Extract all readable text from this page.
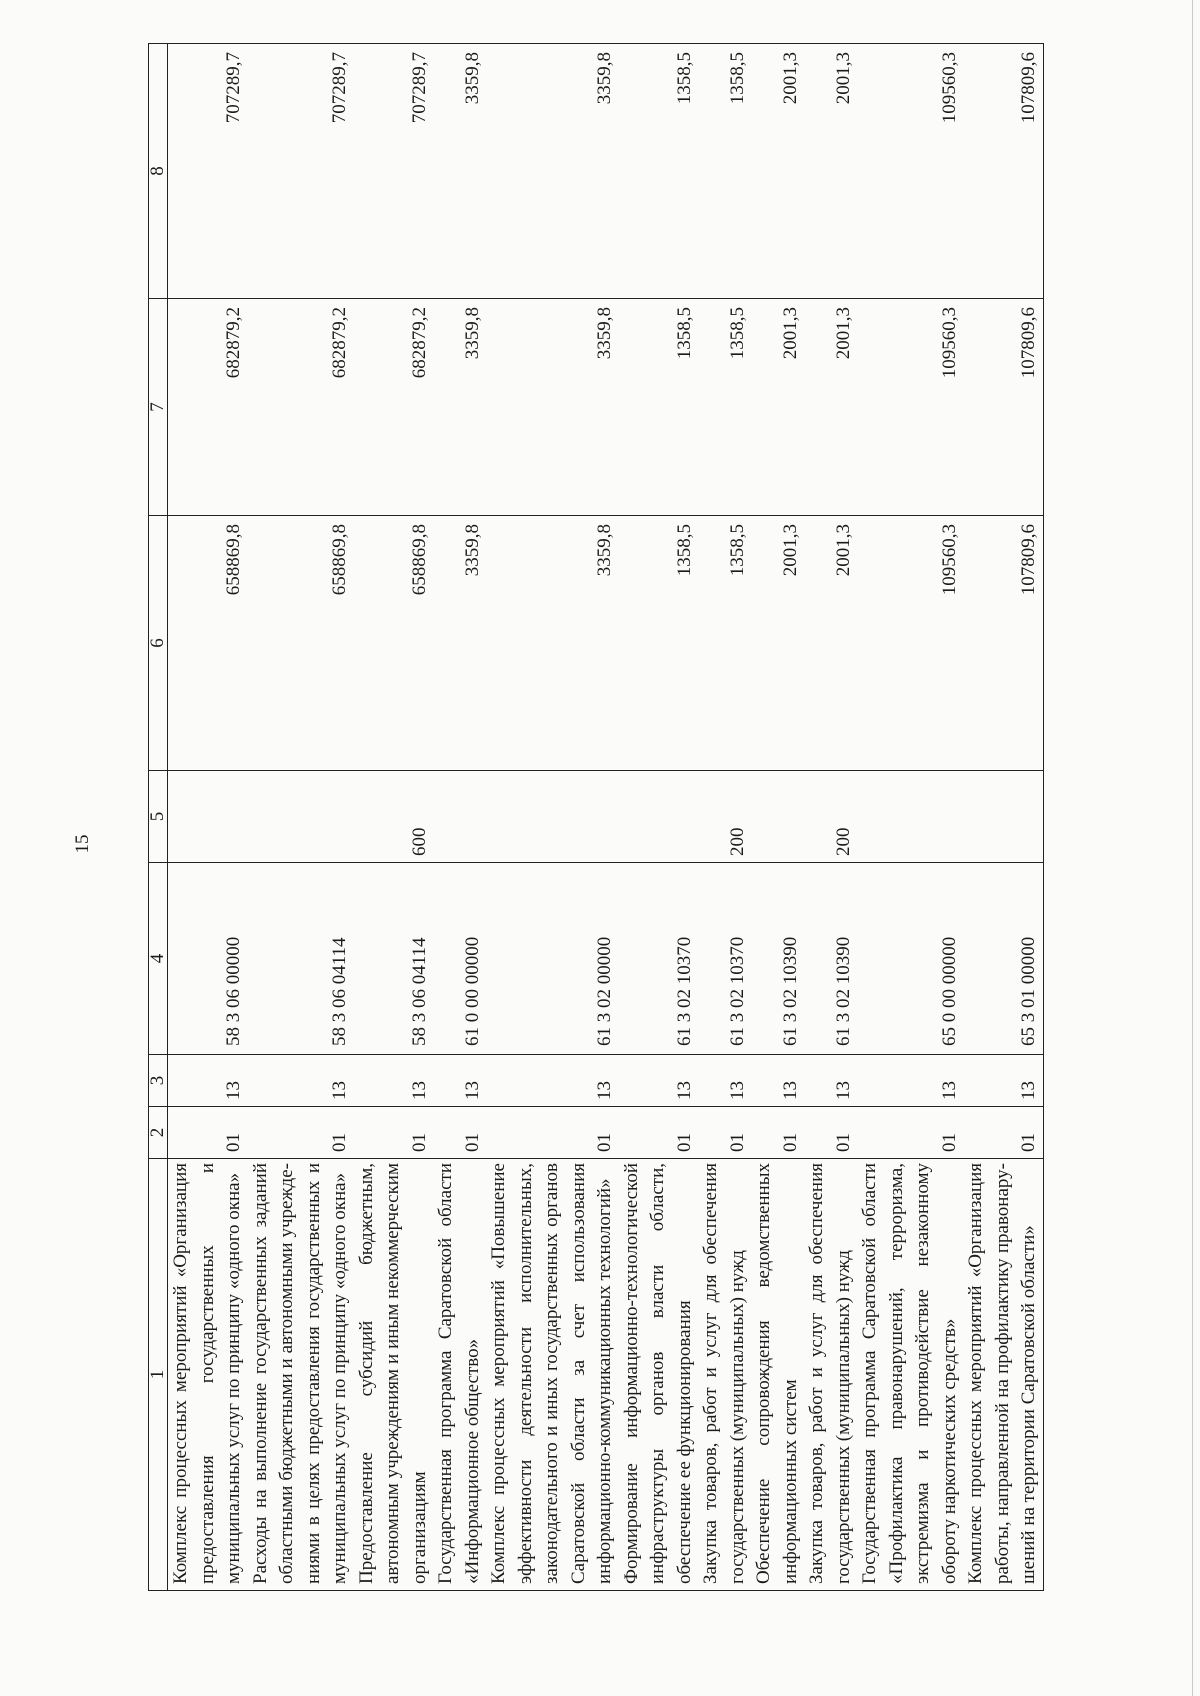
15
1	2	3	4	5	6	7	8
Комплекс процессных мероприятий «Организация предоставления государственных и муниципальных услуг по принципу «одного окна»	01	13	58 3 06 00000		658869,8	682879,2	707289,7
Расходы на выполнение государственных заданий областными бюджетными и автономными учреждениями в целях предоставления государственных и муниципальных услуг по принципу «одного окна»	01	13	58 3 06 04114		658869,8	682879,2	707289,7
Предоставление субсидий бюджетным, автономным учреждениям и иным некоммерческим организациям	01	13	58 3 06 04114	600	658869,8	682879,2	707289,7
Государственная программа Саратовской области «Информационное общество»	01	13	61 0 00 00000		3359,8	3359,8	3359,8
Комплекс процессных мероприятий «Повышение эффективности деятельности исполнительных, законодательного и иных государственных органов Саратовской области за счет использования информационно-коммуникационных технологий»	01	13	61 3 02 00000		3359,8	3359,8	3359,8
Формирование информационно-технологической инфраструктуры органов власти области, обеспечение ее функционирования	01	13	61 3 02 10370		1358,5	1358,5	1358,5
Закупка товаров, работ и услуг для обеспечения государственных (муниципальных) нужд	01	13	61 3 02 10370	200	1358,5	1358,5	1358,5
Обеспечение сопровождения ведомственных информационных систем	01	13	61 3 02 10390		2001,3	2001,3	2001,3
Закупка товаров, работ и услуг для обеспечения государственных (муниципальных) нужд	01	13	61 3 02 10390	200	2001,3	2001,3	2001,3
Государственная программа Саратовской области «Профилактика правонарушений, терроризма, экстремизма и противодействие незаконному обороту наркотических средств»	01	13	65 0 00 00000		109560,3	109560,3	109560,3
Комплекс процессных мероприятий «Организация работы, направленной на профилактику правонарушений на территории Саратовской области»	01	13	65 3 01 00000		107809,6	107809,6	107809,6
